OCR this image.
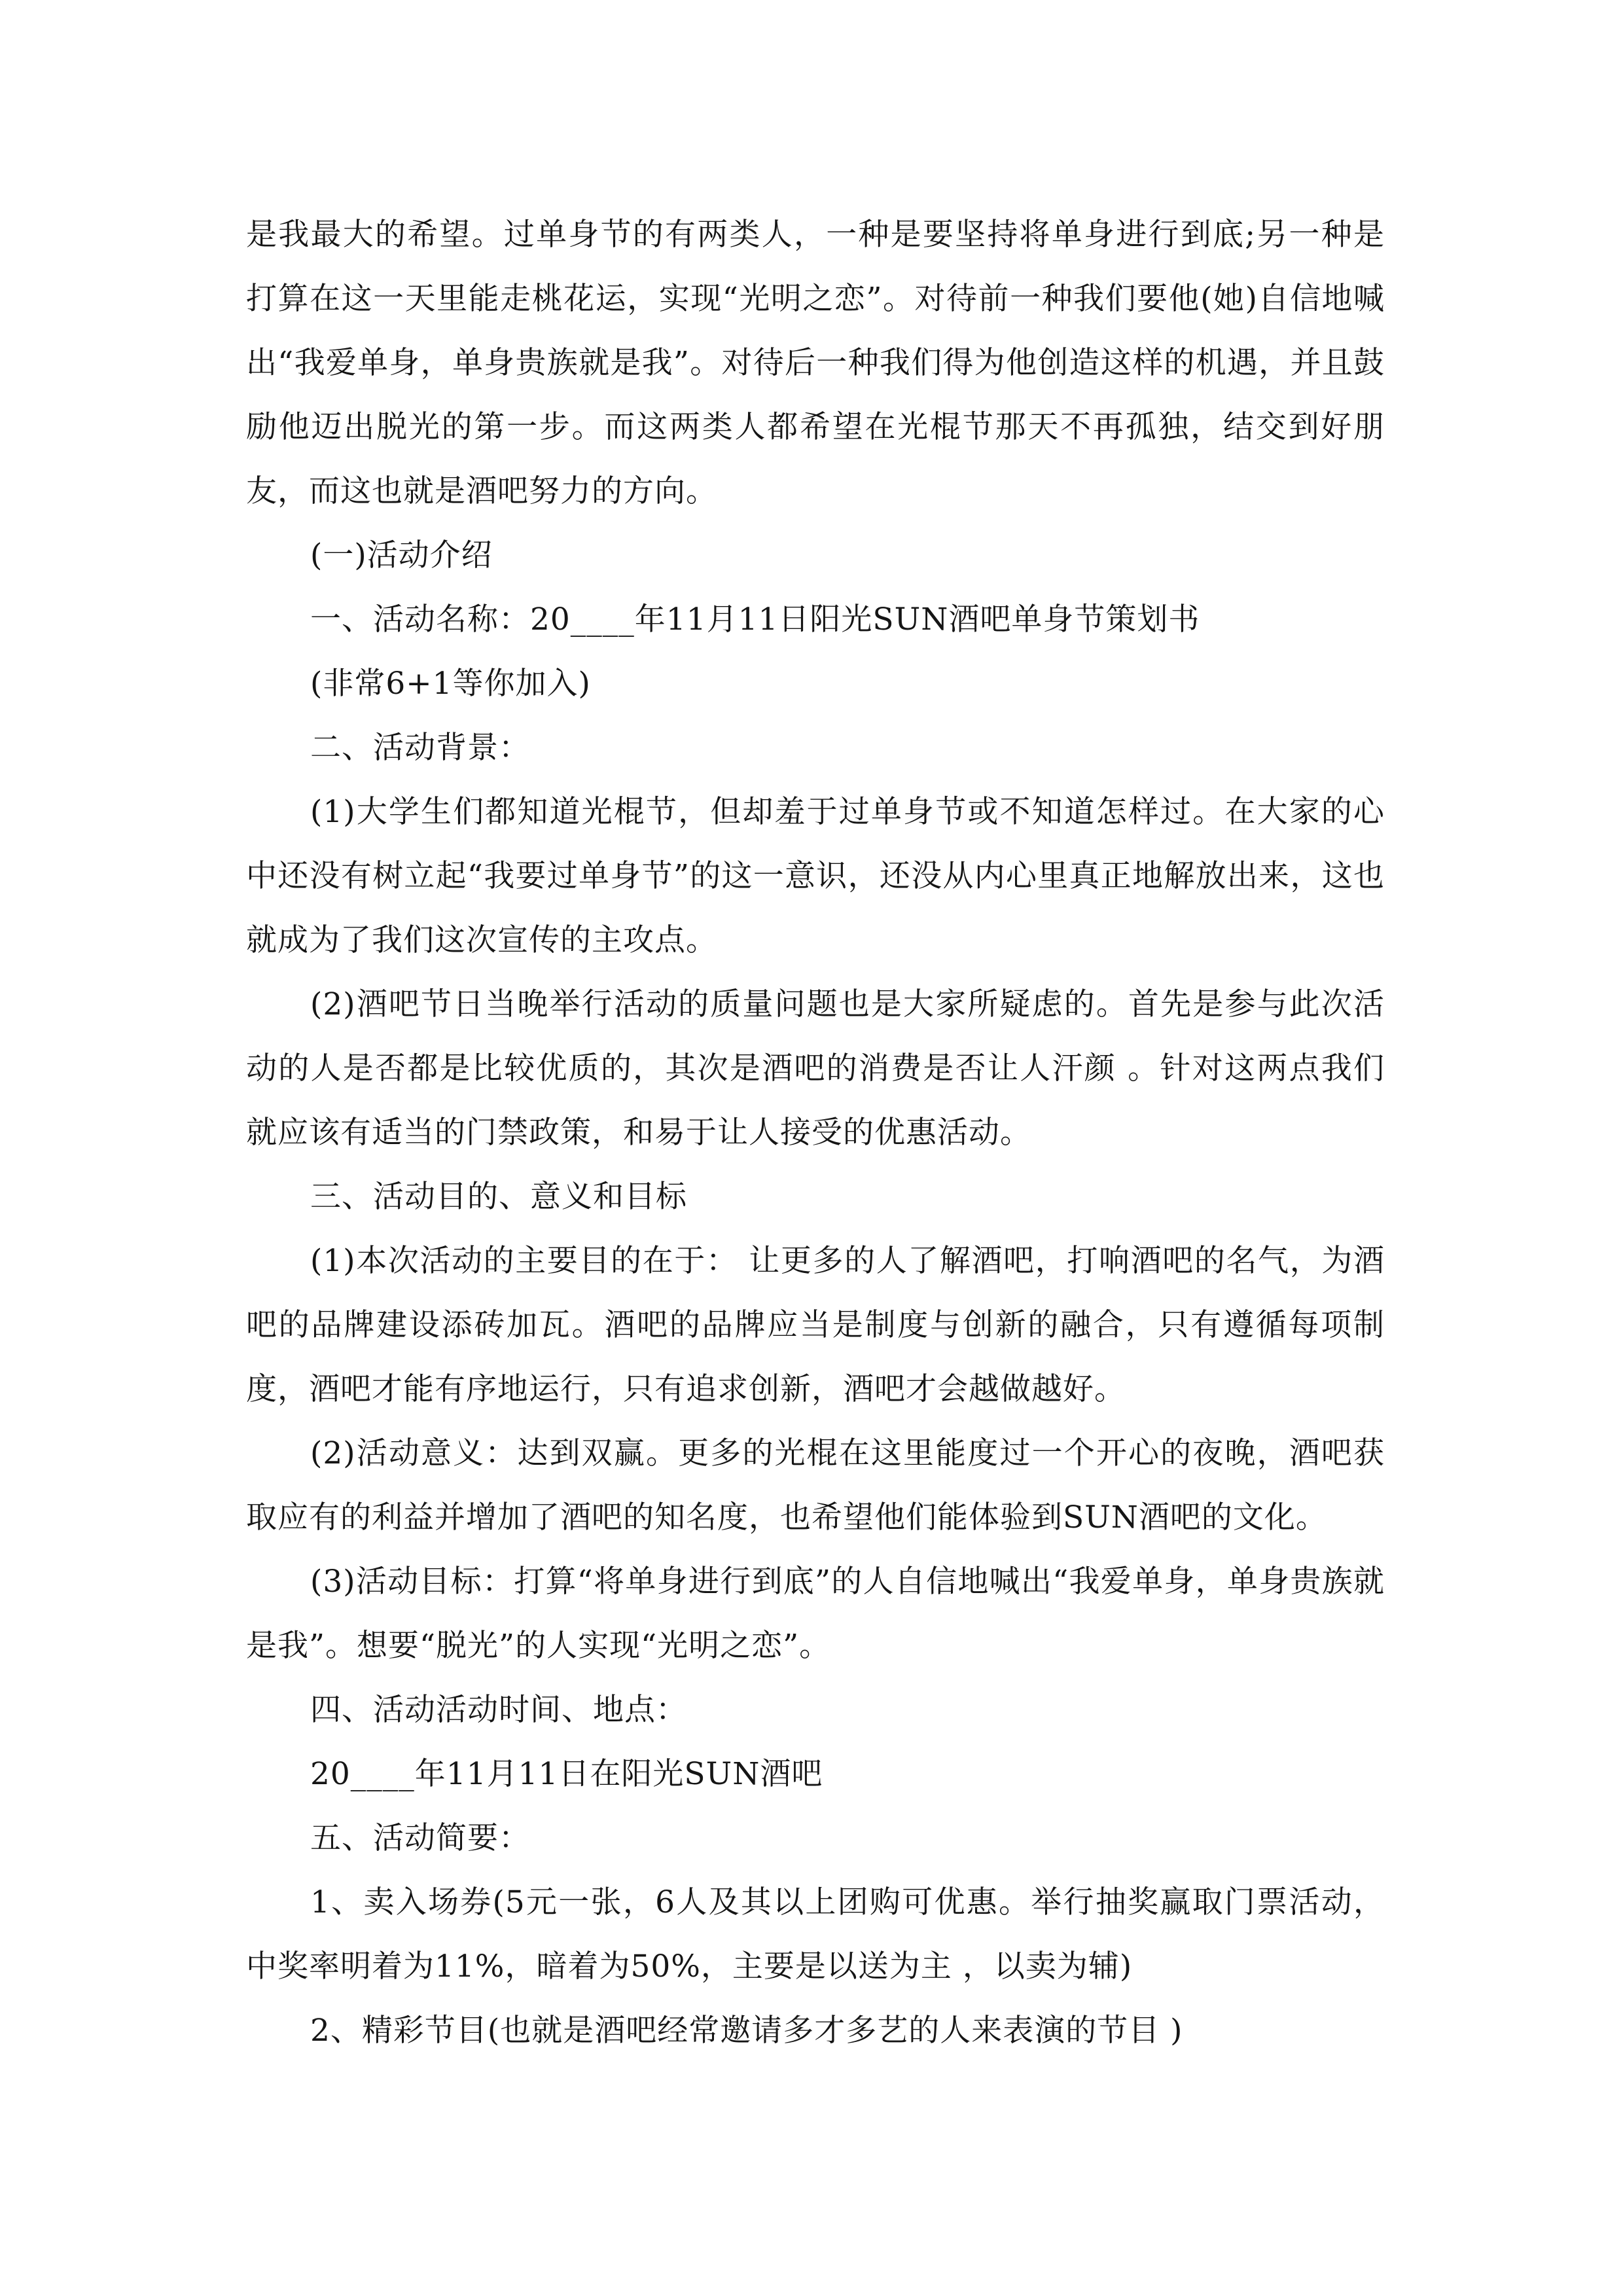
是我最大的希望。过单身节的有两类人，一种是要坚持将单身进行到底;另一种是打算在这一天里能走桃花运，实现“光明之恋”。对待前一种我们要他(她)自信地喊出“我爱单身，单身贵族就是我”。对待后一种我们得为他创造这样的机遇，并且鼓励他迈出脱光的第一步。而这两类人都希望在光棍节那天不再孤独，结交到好朋友，而这也就是酒吧努力的方向。

(一)活动介绍

一、活动名称：20____年11月11日阳光SUN酒吧单身节策划书

(非常6+1等你加入)

二、活动背景：

(1)大学生们都知道光棍节，但却羞于过单身节或不知道怎样过。在大家的心中还没有树立起“我要过单身节”的这一意识，还没从内心里真正地解放出来，这也就成为了我们这次宣传的主攻点。

(2)酒吧节日当晚举行活动的质量问题也是大家所疑虑的。首先是参与此次活动的人是否都是比较优质的，其次是酒吧的消费是否让人汗颜 。针对这两点我们就应该有适当的门禁政策，和易于让人接受的优惠活动。

三、活动目的、意义和目标

(1)本次活动的主要目的在于： 让更多的人了解酒吧，打响酒吧的名气，为酒吧的品牌建设添砖加瓦。酒吧的品牌应当是制度与创新的融合，只有遵循每项制度，酒吧才能有序地运行，只有追求创新，酒吧才会越做越好。

(2)活动意义：达到双赢。更多的光棍在这里能度过一个开心的夜晚，酒吧获取应有的利益并增加了酒吧的知名度，也希望他们能体验到SUN酒吧的文化。

(3)活动目标：打算“将单身进行到底”的人自信地喊出“我爱单身，单身贵族就是我”。想要“脱光”的人实现“光明之恋”。

四、活动活动时间、地点：

20____年11月11日在阳光SUN酒吧

五、活动简要：

1、卖入场券(5元一张，6人及其以上团购可优惠。举行抽奖赢取门票活动，中奖率明着为11%，暗着为50%，主要是以送为主 ，以卖为辅)

2、精彩节目(也就是酒吧经常邀请多才多艺的人来表演的节目 )
